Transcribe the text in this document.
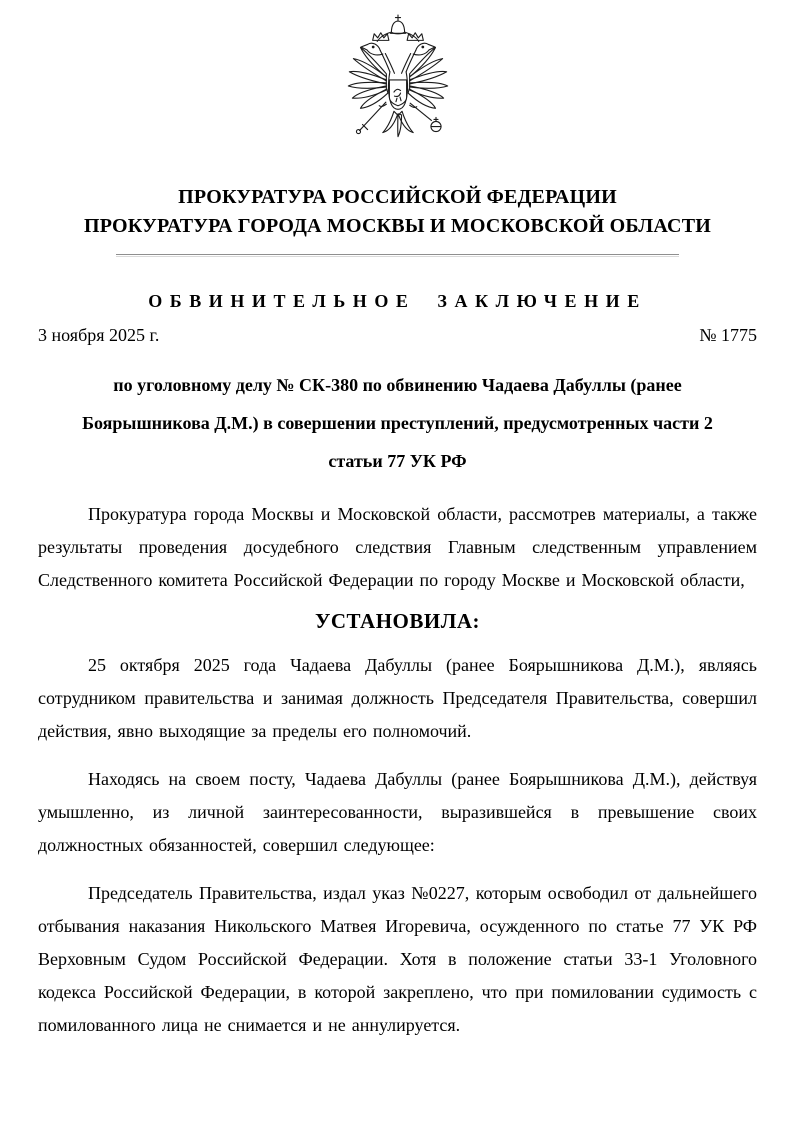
ПРОКУРАТУРА РОССИЙСКОЙ ФЕДЕРАЦИИ
ПРОКУРАТУРА ГОРОДА МОСКВЫ И МОСКОВСКОЙ ОБЛАСТИ
ОБВИНИТЕЛЬНОЕ ЗАКЛЮЧЕНИЕ
3 ноября 2025 г.	№ 1775
по уголовному делу № СК-380 по обвинению Чадаева Дабуллы (ранее Боярышникова Д.М.) в совершении преступлений, предусмотренных части 2 статьи 77 УК РФ

Прокуратура города Москвы и Московской области, рассмотрев материалы, а также результаты проведения досудебного следствия Главным следственным управлением Следственного комитета Российской Федерации по городу Москве и Московской области,

УСТАНОВИЛА:

25 октября 2025 года Чадаева Дабуллы (ранее Боярышникова Д.М.), являясь сотрудником правительства и занимая должность Председателя Правительства, совершил действия, явно выходящие за пределы его полномочий.

Находясь на своем посту, Чадаева Дабуллы (ранее Боярышникова Д.М.), действуя умышленно, из личной заинтересованности, выразившейся в превышение своих должностных обязанностей, совершил следующее:

Председатель Правительства, издал указ №0227, которым освободил от дальнейшего отбывания наказания Никольского Матвея Игоревича, осужденного по статье 77 УК РФ Верховным Судом Российской Федерации. Хотя в положение статьи 33-1 Уголовного кодекса Российской Федерации, в которой закреплено, что при помиловании судимость с помилованного лица не снимается и не аннулируется.
